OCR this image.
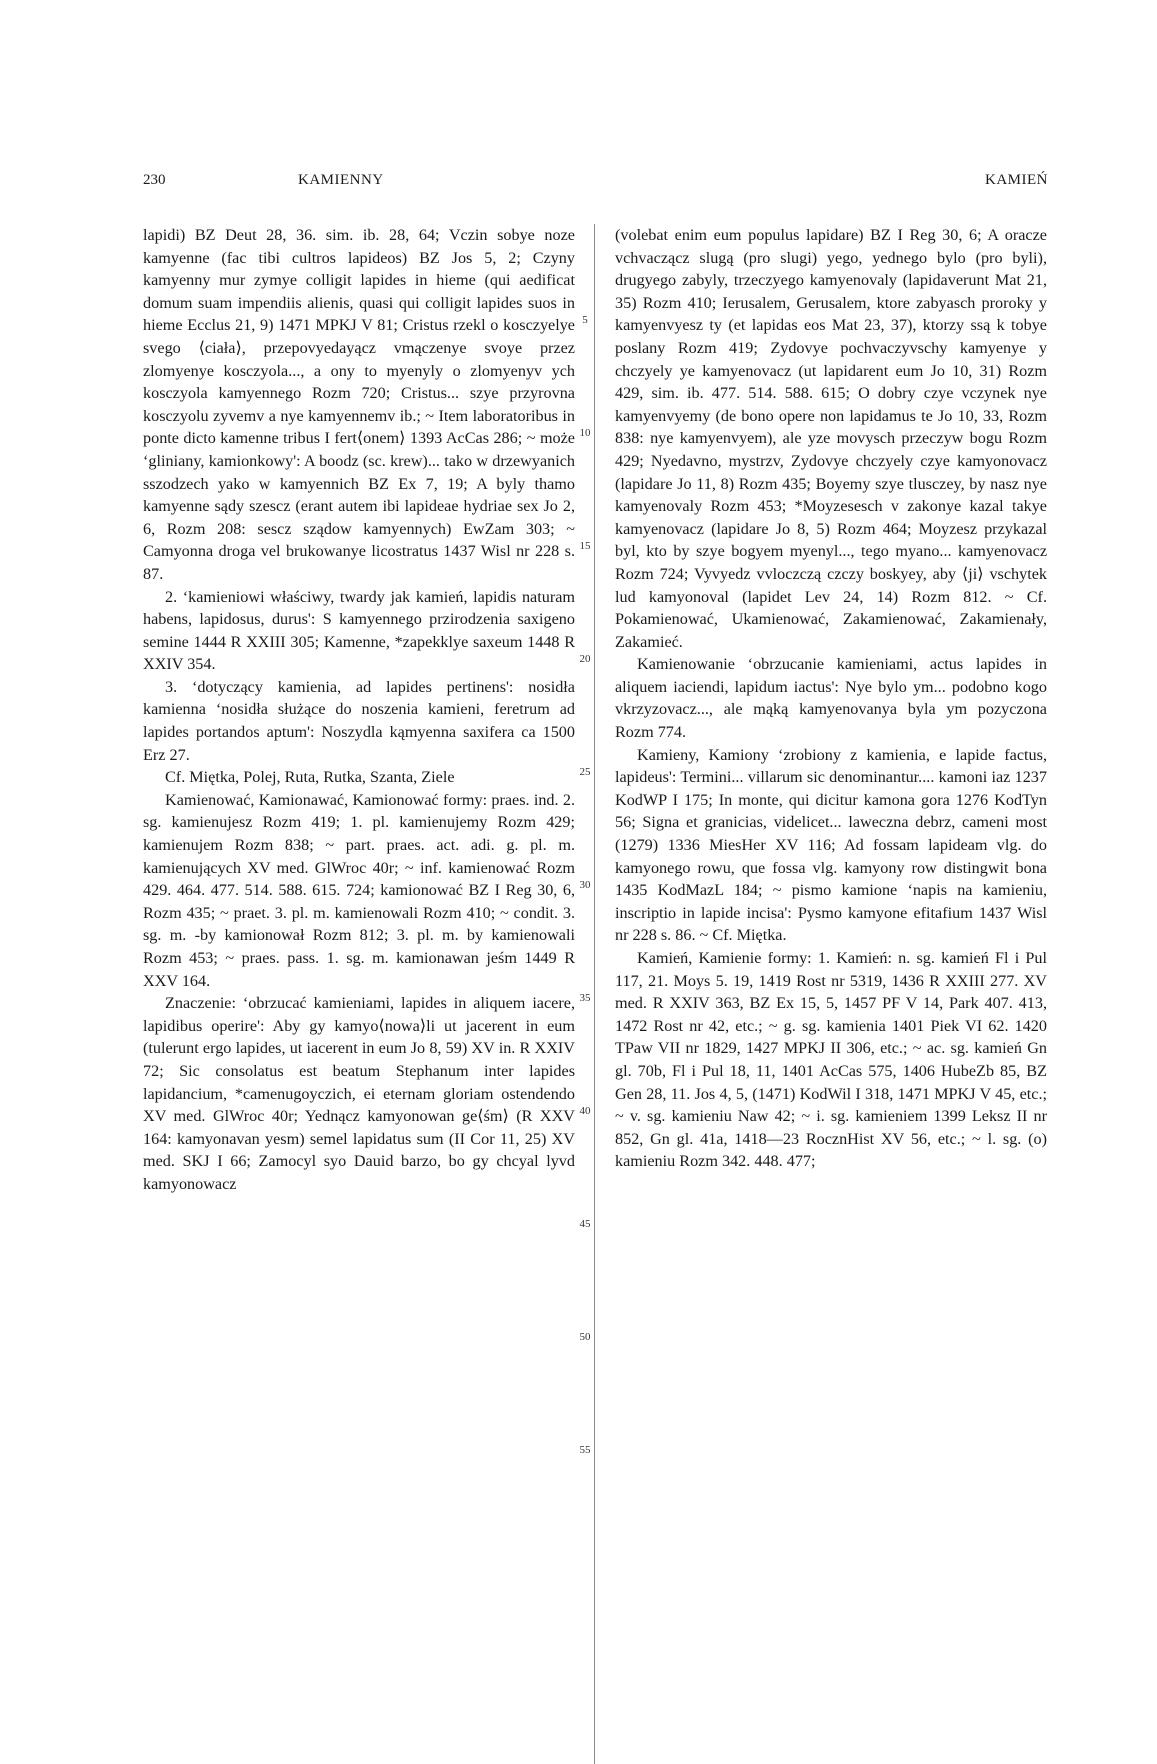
230	KAMIENNY	KAMIEŃ

lapidi) BZ Deut 28, 36. sim. ib. 28, 64; Vczin sobye noze kamyenne (fac tibi cultros lapideos) BZ Jos 5, 2; Czyny kamyenny mur zymye colligit lapides in hieme (qui aedificat domum suam impendiis alienis, quasi qui colligit lapides suos in hieme Ecclus 21, 9) 1471 MPKJ V 81; Cristus rzekl o kosczyelye svego ⟨ciała⟩, przepovyedayącz vmączenye svoye przez zlomyenye kosczyola..., a ony to myenyly o zlomyenyv ych kosczyola kamyennego Rozm 720; Cristus... szye przyrovna kosczyolu zyvemv a nye kamyennemv ib.; ~ Item laboratoribus in ponte dicto kamenne tribus I fert⟨onem⟩ 1393 AcCas 286; ~ może ʻgliniany, kamionkowy': A boodz (sc. krew)... tako w drzewyanich sszodzech yako w kamyennich BZ Ex 7, 19; A byly thamo kamyenne sądy szescz (erant autem ibi lapideae hydriae sex Jo 2, 6, Rozm 208: sescz sządow kamyennych) EwZam 303; ~ Camyonna droga vel brukowanye licostratus 1437 Wisl nr 228 s. 87.

2. ʻkamieniowi właściwy, twardy jak kamień, lapidis naturam habens, lapidosus, durus': S kamyennego przirodzenia saxigeno semine 1444 R XXIII 305; Kamenne, *zapekklye saxeum 1448 R XXIV 354.

3. ʻdotyczący kamienia, ad lapides pertinens': nosidła kamienna ʻnosidła służące do noszenia kamieni, feretrum ad lapides portandos aptum': Noszydla kąmyenna saxifera ca 1500 Erz 27.

Cf. Miętka, Polej, Ruta, Rutka, Szanta, Ziele

Kamienować, Kamionawać, Kamionować formy: praes. ind. 2. sg. kamienujesz Rozm 419; 1. pl. kamienujemy Rozm 429; kamienujem Rozm 838; ~ part. praes. act. adi. g. pl. m. kamienujących XV med. GlWroc 40r; ~ inf. kamienować Rozm 429. 464. 477. 514. 588. 615. 724; kamionować BZ I Reg 30, 6, Rozm 435; ~ praet. 3. pl. m. kamienowali Rozm 410; ~ condit. 3. sg. m. -by kamionował Rozm 812; 3. pl. m. by kamienowali Rozm 453; ~ praes. pass. 1. sg. m. kamionawan jeśm 1449 R XXV 164.

Znaczenie: ʻobrzucać kamieniami, lapides in aliquem iacere, lapidibus operire': Aby gy kamyo⟨nowa⟩li ut jacerent in eum (tulerunt ergo lapides, ut iacerent in eum Jo 8, 59) XV in. R XXIV 72; Sic consolatus est beatum Stephanum inter lapides lapidancium, *camenugoyczich, ei eternam gloriam ostendendo XV med. GlWroc 40r; Yednącz kamyonowan ge⟨śm⟩ (R XXV 164: kamyonavan yesm) semel lapidatus sum (II Cor 11, 25) XV med. SKJ I 66; Zamocyl syo Dauid barzo, bo gy chcyal lyvd kamyonowacz

5
10
15
20
25
30
35
40
45
50
55

(volebat enim eum populus lapidare) BZ I Reg 30, 6; A oracze vchvaczącz slugą (pro slugi) yego, yednego bylo (pro byli), drugyego zabyly, trzeczyego kamyenovaly (lapidaverunt Mat 21, 35) Rozm 410; Ierusalem, Gerusalem, ktore zabyasch proroky y kamyenvyesz ty (et lapidas eos Mat 23, 37), ktorzy ssą k tobye poslany Rozm 419; Zydovye pochvaczyvschy kamyenye y chczyely ye kamyenovacz (ut lapidarent eum Jo 10, 31) Rozm 429, sim. ib. 477. 514. 588. 615; O dobry czye vczynek nye kamyenvyemy (de bono opere non lapidamus te Jo 10, 33, Rozm 838: nye kamyenvyem), ale yze movysch przeczyw bogu Rozm 429; Nyedavno, mystrzv, Zydovye chczyely czye kamyonovacz (lapidare Jo 11, 8) Rozm 435; Boyemy szye tlusczey, by nasz nye kamyenovaly Rozm 453; *Moyzesesch v zakonye kazal takye kamyenovacz (lapidare Jo 8, 5) Rozm 464; Moyzesz przykazal byl, kto by szye bogyem myenyl..., tego myano... kamyenovacz Rozm 724; Vyvyedz vvloczczą czczy boskyey, aby ⟨ji⟩ vschytek lud kamyonoval (lapidet Lev 24, 14) Rozm 812. ~ Cf. Pokamienować, Ukamienować, Zakamienować, Zakamienały, Zakamieć.

Kamienowanie ʻobrzucanie kamieniami, actus lapides in aliquem iaciendi, lapidum iactus': Nye bylo ym... podobno kogo vkrzyzovacz..., ale mąką kamyenovanya byla ym pozyczona Rozm 774.

Kamieny, Kamiony ʻzrobiony z kamienia, e lapide factus, lapideus': Termini... villarum sic denominantur.... kamoni iaz 1237 KodWP I 175; In monte, qui dicitur kamona gora 1276 KodTyn 56; Signa et granicias, videlicet... laweczna debrz, cameni most (1279) 1336 MiesHer XV 116; Ad fossam lapideam vlg. do kamyonego rowu, que fossa vlg. kamyony row distingwit bona 1435 KodMazL 184; ~ pismo kamione ʻnapis na kamieniu, inscriptio in lapide incisa': Pysmo kamyone efitafium 1437 Wisl nr 228 s. 86. ~ Cf. Miętka.

Kamień, Kamienie formy: 1. Kamień: n. sg. kamień Fl i Pul 117, 21. Moys 5. 19, 1419 Rost nr 5319, 1436 R XXIII 277. XV med. R XXIV 363, BZ Ex 15, 5, 1457 PF V 14, Park 407. 413, 1472 Rost nr 42, etc.; ~ g. sg. kamienia 1401 Piek VI 62. 1420 TPaw VII nr 1829, 1427 MPKJ II 306, etc.; ~ ac. sg. kamień Gn gl. 70b, Fl i Pul 18, 11, 1401 AcCas 575, 1406 HubeZb 85, BZ Gen 28, 11. Jos 4, 5, (1471) KodWil I 318, 1471 MPKJ V 45, etc.; ~ v. sg. kamieniu Naw 42; ~ i. sg. kamieniem 1399 Leksz II nr 852, Gn gl. 41a, 1418—23 RocznHist XV 56, etc.; ~ l. sg. (o) kamieniu Rozm 342. 448. 477;
